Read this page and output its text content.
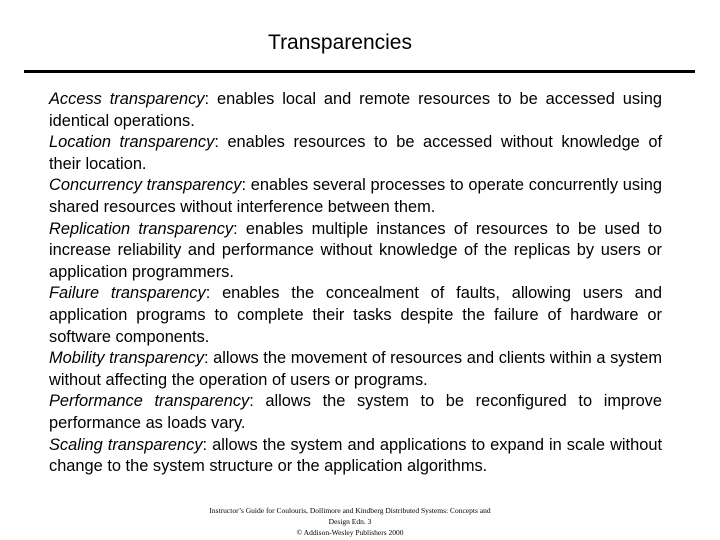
Transparencies

Access transparency: enables local and remote resources to be accessed using identical operations.

Location transparency: enables resources to be accessed without knowledge of their location.

Concurrency transparency: enables several processes to operate concurrently using shared resources without interference between them.

Replication transparency: enables multiple instances of resources to be used to increase reliability and performance without knowledge of the replicas by users or application programmers.

Failure transparency: enables the concealment of faults, allowing users and application programs to complete their tasks despite the failure of hardware or software components.

Mobility transparency: allows the movement of resources and clients within a system without affecting the operation of users or programs.

Performance transparency: allows the system to be reconfigured to improve performance as loads vary.

Scaling transparency: allows the system and applications to expand in scale without change to the system structure or the application algorithms.

Instructor’s Guide for Coulouris, Dollimore and Kindberg Distributed Systems: Concepts and Design Edn. 3
© Addison-Wesley Publishers 2000
